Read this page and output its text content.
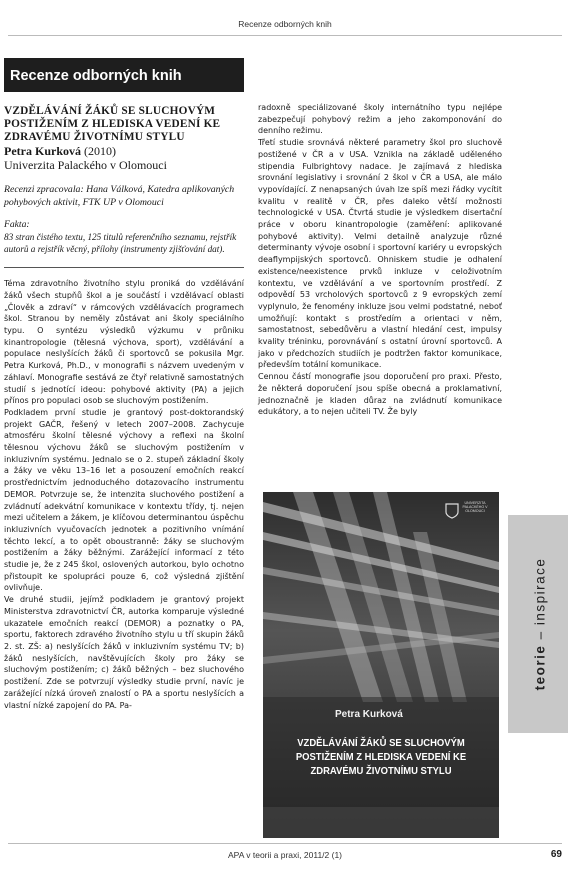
Recenze odborných knih
Recenze odborných knih
teorie – inspirace
VZDĚLÁVÁNÍ ŽÁKŮ SE SLUCHOVÝM POSTIŽENÍM Z HLEDISKA VEDENÍ KE ZDRAVÉMU ŽIVOTNÍMU STYLU

Petra Kurková (2010)

Univerzita Palackého v Olomouci

Recenzi zpracovala: Hana Válková, Katedra aplikovaných pohybových aktivit, FTK UP v Olomouci

Fakta:

83 stran čistého textu, 125 titulů referenčního seznamu, rejstřík autorů a rejstřík věcný, přílohy (instrumenty zjišťování dat).

Téma zdravotního životního stylu proniká do vzdělávání žáků všech stupňů škol a je součástí i vzdělávací oblasti „Člověk a zdraví“ v rámcových vzdělávacích programech škol. Stranou by neměly zůstávat ani školy speciálního typu. O syntézu výsledků výzkumu v průniku kinantropologie (tělesná výchova, sport), vzdělávání a populace neslyšících žáků či sportovců se pokusila Mgr. Petra Kurková, Ph.D., v monografii s názvem uvedeným v záhlaví. Monografie sestává ze čtyř relativně samostatných studií s jednotící ideou: pohybové aktivity (PA) a jejich přínos pro populaci osob se sluchovým postižením.

Podkladem první studie je grantový post-doktorandský projekt GAČR, řešený v letech 2007–2008. Zachycuje atmosféru školní tělesné výchovy a reflexi na školní tělesnou výchovu žáků se sluchovým postižením v inkluzivním systému. Jednalo se o 2. stupeň základní školy a žáky ve věku 13–16 let a posouzení emočních reakcí prostřednictvím jednoduchého dotazovacího instrumentu DEMOR. Potvrzuje se, že intenzita sluchového postižení a zvládnutí adekvátní komunikace v kontextu třídy, tj. nejen mezi učitelem a žákem, je klíčovou determinantou úspěchu inkluzivních vyučovacích jednotek a pozitivního vnímání těchto lekcí, a to opět oboustranně: žáky se sluchovým postižením a žáky běžnými. Zarážející informací z této studie je, že z 245 škol, oslovených autorkou, bylo ochotno přistoupit ke spolupráci pouze 6, což výsledná zjištění ovlivňuje.

Ve druhé studii, jejímž podkladem je grantový projekt Ministerstva zdravotnictví ČR, autorka komparuje výsledné ukazatele emočních reakcí (DEMOR) a poznatky o PA, sportu, faktorech zdravého životního stylu u tří skupin žáků 2. st. ZŠ: a) neslyšících žáků v inkluzivním systému TV; b) žáků neslyšících, navštěvujících školy pro žáky se sluchovým postižením; c) žáků běžných – bez sluchového postižení. Zde se potvrzují výsledky studie první, navíc je zarážející nízká úroveň znalostí o PA a sportu neslyšících a vlastní nízké zapojení do PA. Pa-

radoxně speciálizované školy internátního typu nejlépe zabezpečují pohybový režim a jeho zakomponování do denního režimu.

Třetí studie srovnává některé parametry škol pro sluchově postižené v ČR a v USA. Vznikla na základě uděleného stipendia Fulbrightovy nadace. Je zajímavá z hlediska srovnání legislativy i srovnání 2 škol v ČR a USA, ale málo vypovídající. Z nenapsaných úvah lze spíš mezi řádky vycítit kvalitu v realitě v ČR, přes daleko větší možnosti technologické v USA. Čtvrtá studie je výsledkem disertační práce v oboru kinantropologie (zaměření: aplikované pohybové aktivity). Velmi detailně analyzuje různé determinanty vývoje osobní i sportovní kariéry u evropských deaflympijských sportovců. Ohniskem studie je odhalení existence/neexistence prvků inkluze v celoživotním kontextu, ve vzdělávání a ve sportovním prostředí. Z odpovědí 53 vrcholových sportovců z 9 evropských zemí vyplynulo, že fenomény inkluze jsou velmi podstatné, neboť umožňují: kontakt s prostředím a orientaci v něm, samostatnost, sebedůvěru a vlastní hledání cest, impulsy kvality tréninku, porovnávání s ostatní úrovní sportovců. A jako v předchozích studiích je podtržen faktor komunikace, především totální komunikace.

Cennou částí monografie jsou doporučení pro praxi. Přesto, že některá doporučení jsou spíše obecná a proklamativní, jednoznačně je kladen důraz na zvládnutí komunikace edukátory, a to nejen učiteli TV. Že byly

UNIVERZITA PALACKÉHO V OLOMOUCI
Petra Kurková
VZDĚLÁVÁNÍ ŽÁKŮ SE SLUCHOVÝM POSTIŽENÍM Z HLEDISKA VEDENÍ KE ZDRAVÉMU ŽIVOTNÍMU STYLU
APA v teorii a praxi, 2011/2 (1)	69
